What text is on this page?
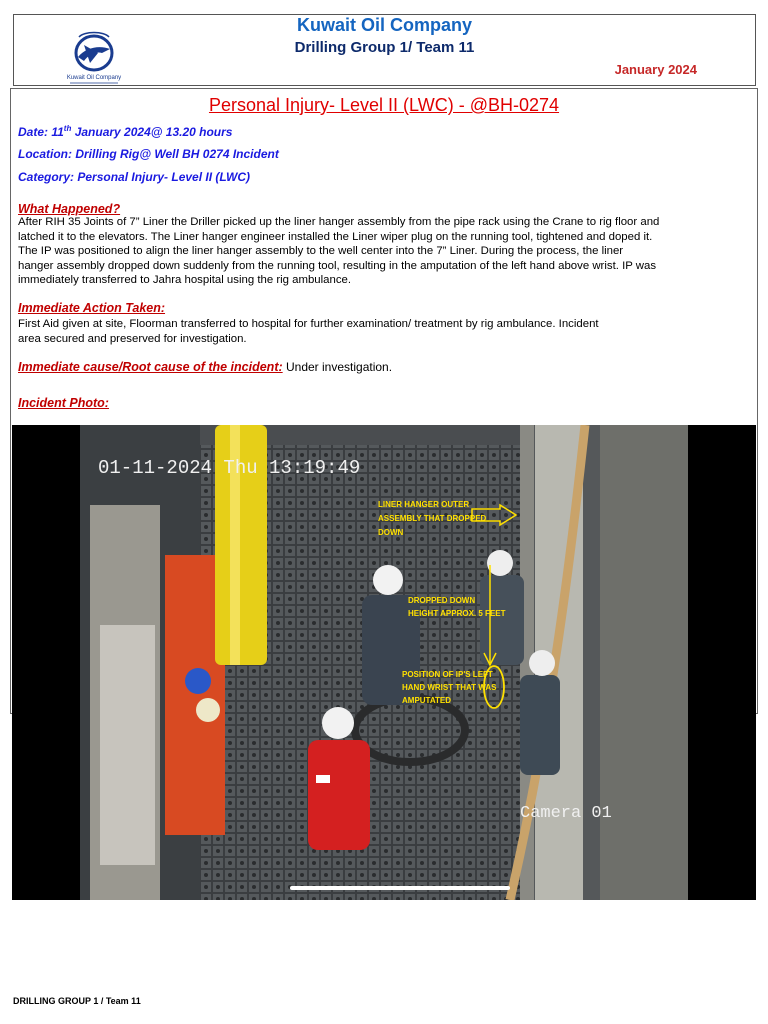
Kuwait Oil Company
Kuwait Oil Company
Drilling Group 1/ Team 11
January 2024
Personal Injury- Level II (LWC) - @BH-0274
Date: 11th January 2024@ 13.20 hours
Location: Drilling Rig@ Well BH 0274 Incident
Category: Personal Injury- Level II (LWC)
What Happened?
After RIH 35 Joints of 7” Liner the Driller picked up the liner hanger assembly from the pipe rack using the Crane to rig floor and
latched it to the elevators. The Liner hanger engineer installed the Liner wiper plug on the running tool, tightened and doped it.
The IP was positioned to align the liner hanger assembly to the well center into the 7” Liner. During the process, the liner
hanger assembly dropped down suddenly from the running tool, resulting in the amputation of the left hand above wrist. IP was
immediately transferred to Jahra hospital using the rig ambulance.
Immediate Action Taken:
First Aid given at site, Floorman transferred to hospital for further examination/ treatment by rig ambulance. Incident
area secured and preserved for investigation.
Immediate cause/Root cause of the incident: Under investigation.
Incident Photo:
01-11-2024 Thu 13:19:49
Camera 01
LINER HANGER OUTER
ASSEMBLY THAT DROPPED
DOWN
DROPPED DOWN
HEIGHT APPROX. 5 FEET
POSITION OF IP'S LEFT
HAND WRIST THAT WAS
AMPUTATED
DRILLING GROUP 1 / Team 11
